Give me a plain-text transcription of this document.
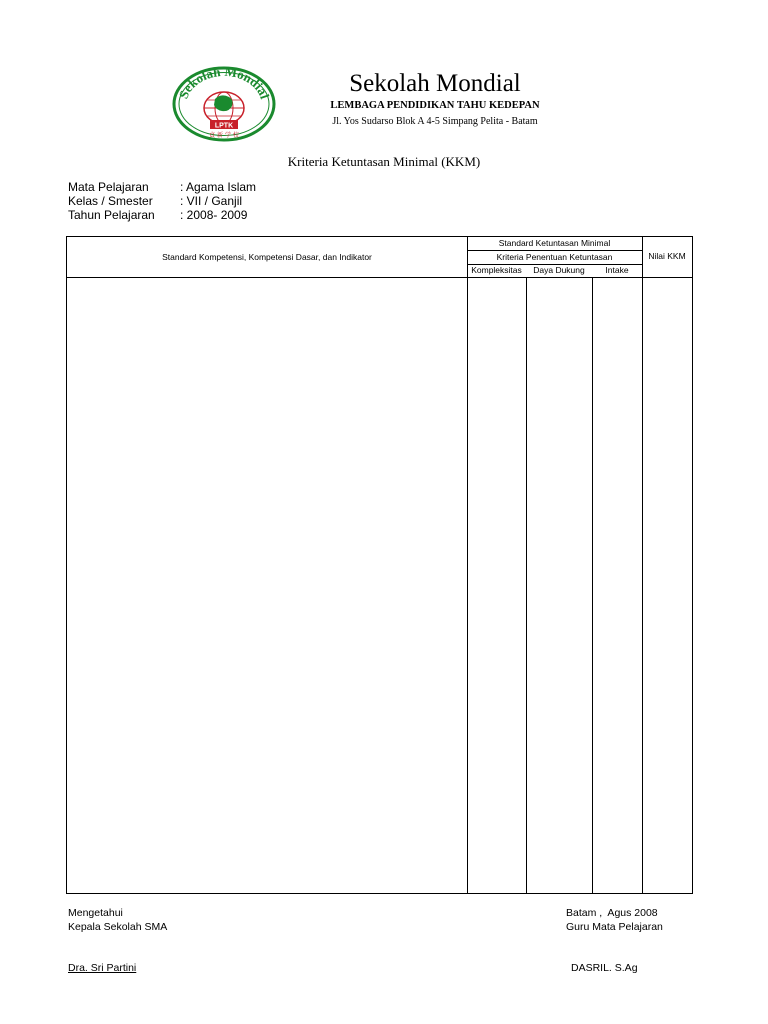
Sekolah Mondial
LPTK
貞 新 学 校
Sekolah Mondial
LEMBAGA PENDIDIKAN TAHU KEDEPAN
Jl. Yos Sudarso Blok A 4-5 Simpang Pelita - Batam
Kriteria Ketuntasan Minimal (KKM)
Mata Pelajaran	: Agama Islam
Kelas / Smester	: VII / Ganjil
Tahun Pelajaran	: 2008- 2009
Standard Kompetensi, Kompetensi Dasar, dan Indikator
Standard Ketuntasan Minimal
Kriteria Penentuan Ketuntasan
Kompleksitas	Daya Dukung	Intake
Nilai KKM
Mengetahui
Kepala Sekolah SMA
Dra. Sri Partini
Batam ,  Agus 2008
Guru Mata Pelajaran
DASRIL. S.Ag
